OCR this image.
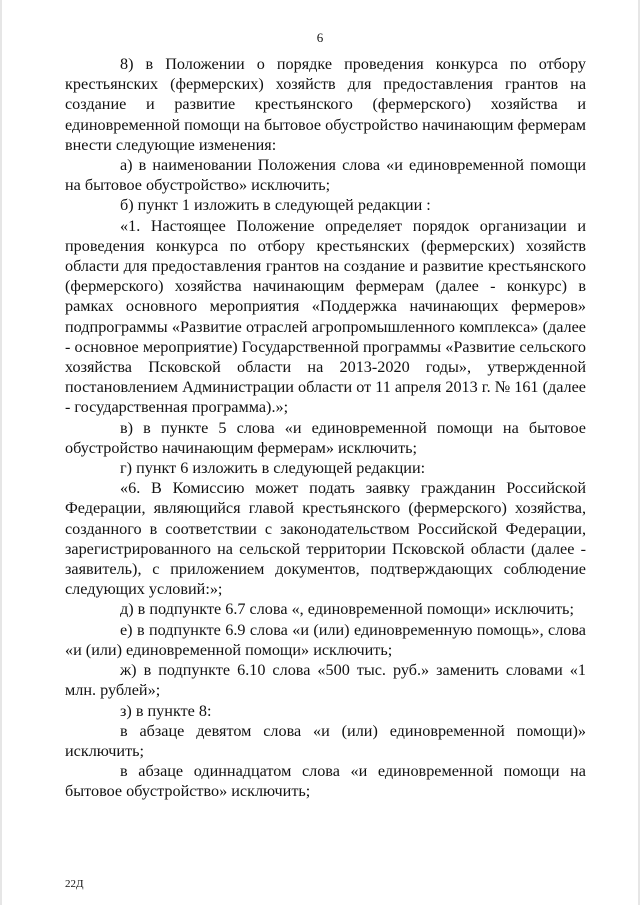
6

8) в Положении о порядке проведения конкурса по отбору крестьянских (фермерских) хозяйств для предоставления грантов на создание и развитие крестьянского (фермерского) хозяйства и единовременной помощи на бытовое обустройство начинающим фермерам внести следующие изменения:

а) в наименовании Положения слова «и единовременной помощи на бытовое обустройство» исключить;

б) пункт 1 изложить в следующей редакции :

«1. Настоящее Положение определяет порядок организации и проведения конкурса по отбору крестьянских (фермерских) хозяйств области для предоставления грантов на создание и развитие крестьянского (фермерского) хозяйства начинающим фермерам (далее - конкурс) в рамках основного мероприятия «Поддержка начинающих фермеров» подпрограммы «Развитие отраслей агропромышленного комплекса» (далее - основное мероприятие) Государственной программы «Развитие сельского хозяйства Псковской области на 2013-2020 годы», утвержденной постановлением Администрации области от 11 апреля 2013 г. № 161 (далее - государственная программа).»;

в) в пункте 5 слова «и единовременной помощи на бытовое обустройство начинающим фермерам» исключить;

г) пункт 6 изложить в следующей редакции:

«6. В Комиссию может подать заявку гражданин Российской Федерации, являющийся главой крестьянского (фермерского) хозяйства, созданного в соответствии с законодательством Российской Федерации, зарегистрированного на сельской территории Псковской области (далее - заявитель), с приложением документов, подтверждающих соблюдение следующих условий:»;

д) в подпункте 6.7 слова «, единовременной помощи» исключить;

е) в подпункте 6.9 слова «и (или) единовременную помощь», слова «и (или) единовременной помощи» исключить;

ж) в подпункте 6.10 слова «500 тыс. руб.» заменить словами «1 млн. рублей»;

з) в пункте 8:

в абзаце девятом слова «и (или) единовременной помощи)» исключить;

в абзаце одиннадцатом слова «и единовременной помощи на бытовое обустройство» исключить;

22Д
